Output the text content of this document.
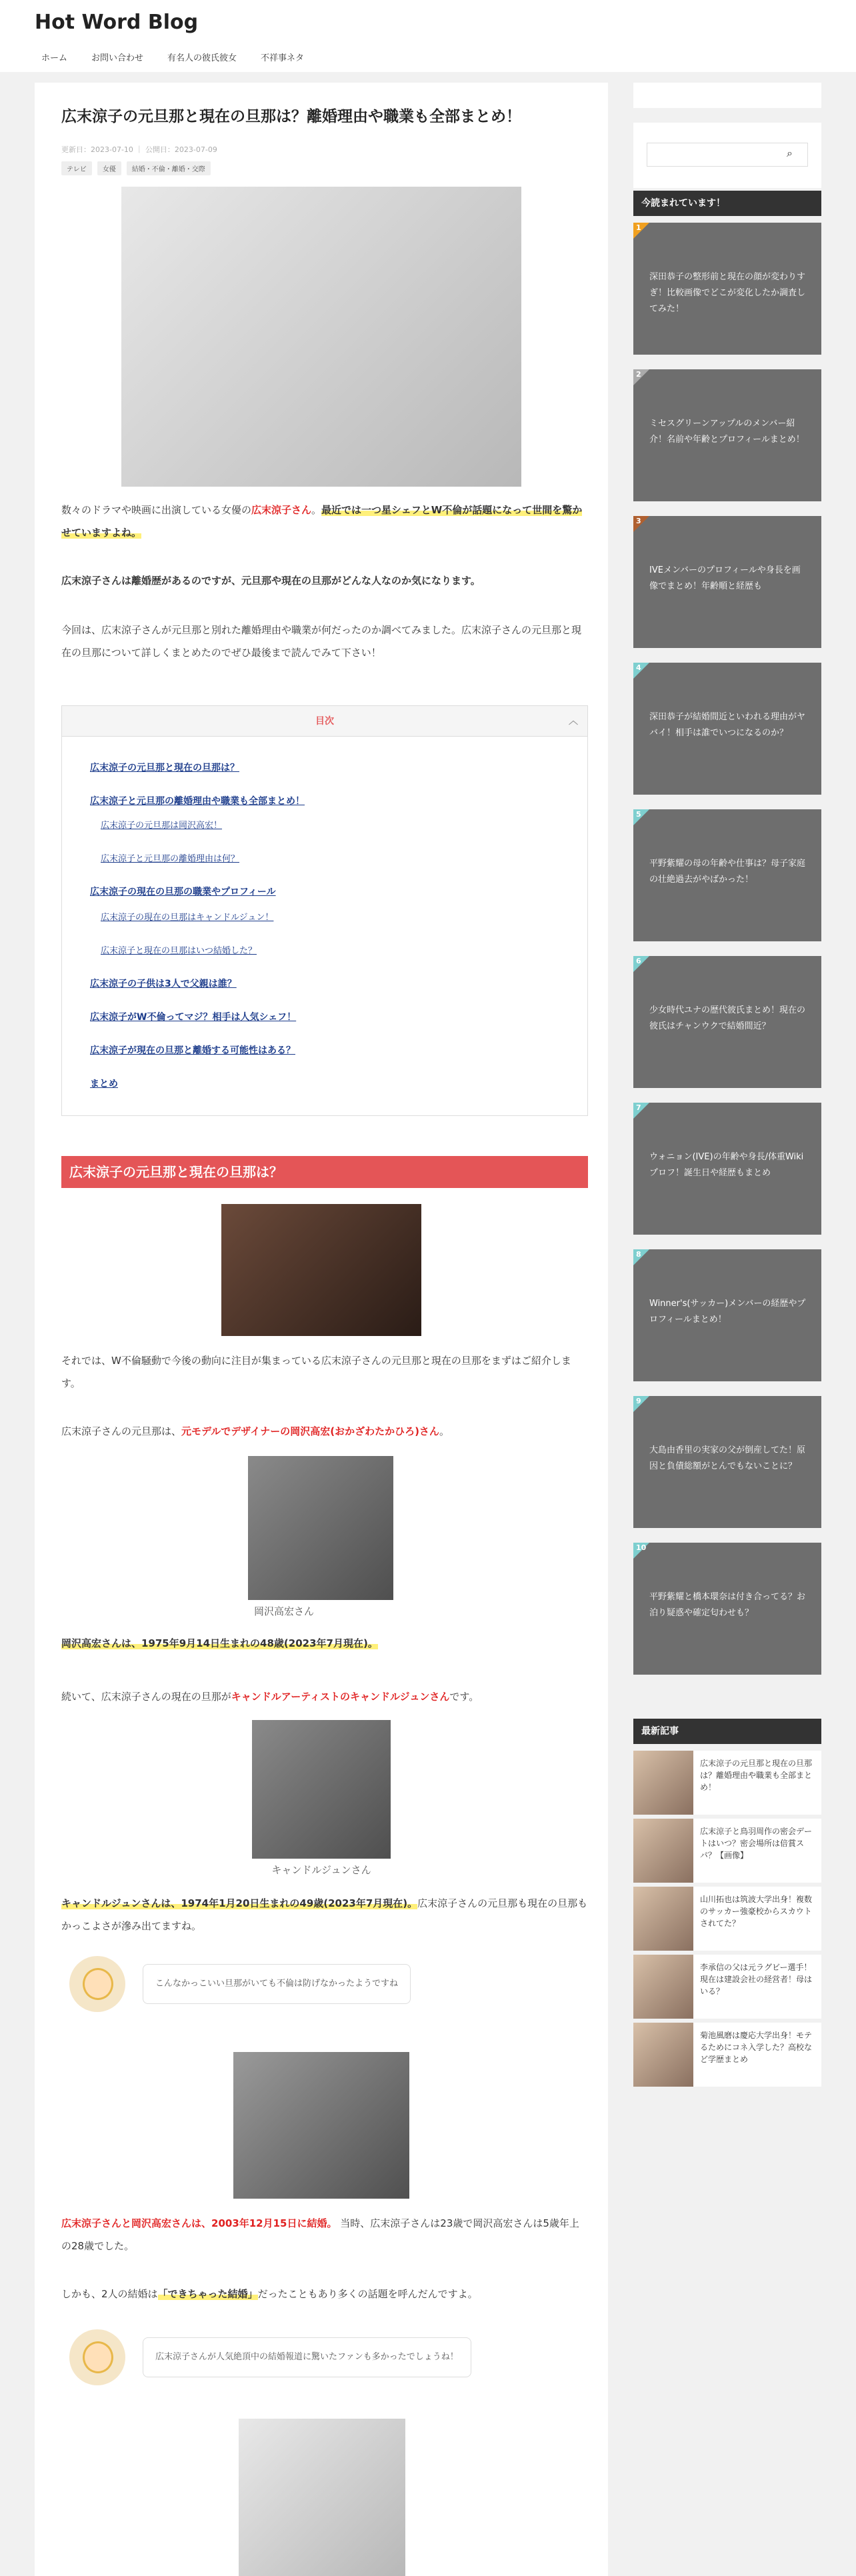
Hot Word Blog
ホーム	お問い合わせ	有名人の彼氏彼女	不祥事ネタ
広末涼子の元旦那と現在の旦那は？離婚理由や職業も全部まとめ！
更新日：2023-07-10 ｜ 公開日：2023-07-09
テレビ	女優	結婚・不倫・離婚・交際
数々のドラマや映画に出演している女優の広末涼子さん。最近では一つ星シェフとW不倫が話題になって世間を驚かせていますよね。
広末涼子さんは離婚歴があるのですが、元旦那や現在の旦那がどんな人なのか気になります。
今回は、広末涼子さんが元旦那と別れた離婚理由や職業が何だったのか調べてみました。広末涼子さんの元旦那と現在の旦那について詳しくまとめたのでぜひ最後まで読んでみて下さい！
目次	︿
広末涼子の元旦那と現在の旦那は？
広末涼子と元旦那の離婚理由や職業も全部まとめ！
広末涼子の元旦那は岡沢高宏！
広末涼子と元旦那の離婚理由は何？
広末涼子の現在の旦那の職業やプロフィール
広末涼子の現在の旦那はキャンドルジュン！
広末涼子と現在の旦那はいつ結婚した？
広末涼子の子供は3人で父親は誰？
広末涼子がW不倫ってマジ？相手は人気シェフ！
広末涼子が現在の旦那と離婚する可能性はある？
まとめ
広末涼子の元旦那と現在の旦那は？
それでは、W不倫騒動で今後の動向に注目が集まっている広末涼子さんの元旦那と現在の旦那をまずはご紹介します。
広末涼子さんの元旦那は、元モデルでデザイナーの岡沢高宏(おかざわたかひろ)さん。
岡沢高宏さん
岡沢高宏さんは、1975年9月14日生まれの48歳(2023年7月現在)。
続いて、広末涼子さんの現在の旦那がキャンドルアーティストのキャンドルジュンさんです。
キャンドルジュンさん
キャンドルジュンさんは、1974年1月20日生まれの49歳(2023年7月現在)。広末涼子さんの元旦那も現在の旦那もかっこよさが滲み出てますね。
こんなかっこいい旦那がいても不倫は防げなかったようですね
広末涼子さんと岡沢高宏さんは、2003年12月15日に結婚。 当時、広末涼子さんは23歳で岡沢高宏さんは5歳年上の28歳でした。
しかも、2人の結婚は「できちゃった結婚」だったこともあり多くの話題を呼んだんですよ。
広末涼子さんが人気絶頂中の結婚報道に驚いたファンも多かったでしょうね！
⌕
今読まれています！
1
深田恭子の整形前と現在の顔が変わりすぎ！比較画像でどこが変化したか調査してみた！
2
ミセスグリーンアップルのメンバー紹介！名前や年齢とプロフィールまとめ！
3
IVEメンバーのプロフィールや身長を画像でまとめ！年齢順と経歴も
4
深田恭子が結婚間近といわれる理由がヤバイ！相手は誰でいつになるのか？
5
平野紫耀の母の年齢や仕事は？母子家庭の壮絶過去がやばかった！
6
少女時代ユナの歴代彼氏まとめ！現在の彼氏はチャンウクで結婚間近？
7
ウォニョン(IVE)の年齢や身長/体重Wikiプロフ！誕生日や経歴もまとめ
8
Winner's(サッカー)メンバーの経歴やプロフィールまとめ！
9
大島由香里の実家の父が倒産してた！原因と負債総額がとんでもないことに？
10
平野紫耀と橋本環奈は付き合ってる？お泊り疑惑や確定匂わせも？
最新記事
広末涼子の元旦那と現在の旦那は？離婚理由や職業も全部まとめ！
広末涼子と鳥羽周作の密会デートはいつ？密会場所は倍賞スパ？【画像】
山川拓也は筑波大学出身！複数のサッカー強豪校からスカウトされてた？
李承信の父は元ラグビー選手！現在は建設会社の経営者！母はいる？
菊池風磨は慶応大学出身！モテるためにコネ入学した？高校など学歴まとめ
